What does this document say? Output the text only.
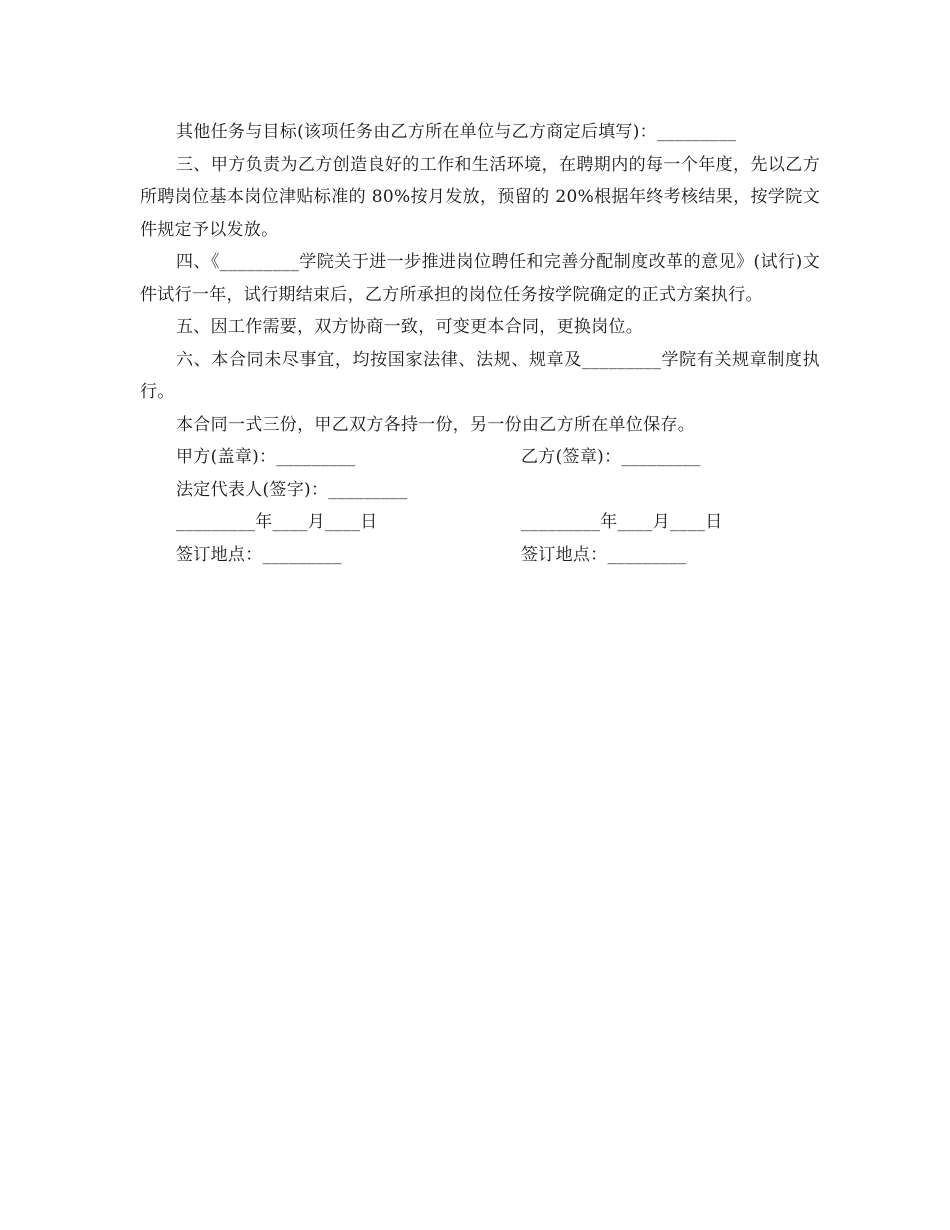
其他任务与目标(该项任务由乙方所在单位与乙方商定后填写)：_________

三、甲方负责为乙方创造良好的工作和生活环境，在聘期内的每一个年度，先以乙方所聘岗位基本岗位津贴标准的 80%按月发放，预留的 20%根据年终考核结果，按学院文件规定予以发放。

四、《_________学院关于进一步推进岗位聘任和完善分配制度改革的意见》(试行)文件试行一年，试行期结束后，乙方所承担的岗位任务按学院确定的正式方案执行。

五、因工作需要，双方协商一致，可变更本合同，更换岗位。

六、本合同未尽事宜，均按国家法律、法规、规章及_________学院有关规章制度执行。

本合同一式三份，甲乙双方各持一份，另一份由乙方所在单位保存。

甲方(盖章)：_________	乙方(签章)：_________
法定代表人(签字)：_________
_________年____月____日	_________年____月____日
签订地点：_________	签订地点：_________
